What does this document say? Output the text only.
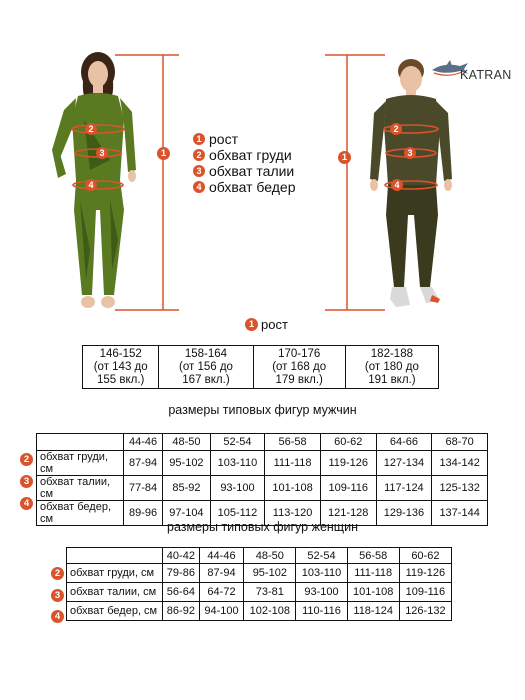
2
3
4
1
1 рост
2 обхват груди
3 обхват талии
4 обхват бедер
1
2
3
4
KATRAN
1 рост
146-152
(от 143 до
155 вкл.)

158-164
(от 156 до
167 вкл.)

170-176
(от 168 до
179 вкл.)

182-188
(от 180 до
191 вкл.)
размеры типовых фигур мужчин
	44-46	48-50	52-54	56-58	60-62	64-66	68-70
обхват груди, см	87-94	95-102	103-110	111-118	119-126	127-134	134-142
обхват талии, см	77-84	85-92	93-100	101-108	109-116	117-124	125-132
обхват бедер, см	89-96	97-104	105-112	113-120	121-128	129-136	137-144
2
3
4
размеры типовых фигур женщин
	40-42	44-46	48-50	52-54	56-58	60-62
обхват груди, см	79-86	87-94	95-102	103-110	111-118	119-126
обхват талии, см	56-64	64-72	73-81	93-100	101-108	109-116
обхват бедер, см	86-92	94-100	102-108	110-116	118-124	126-132
2
3
4
